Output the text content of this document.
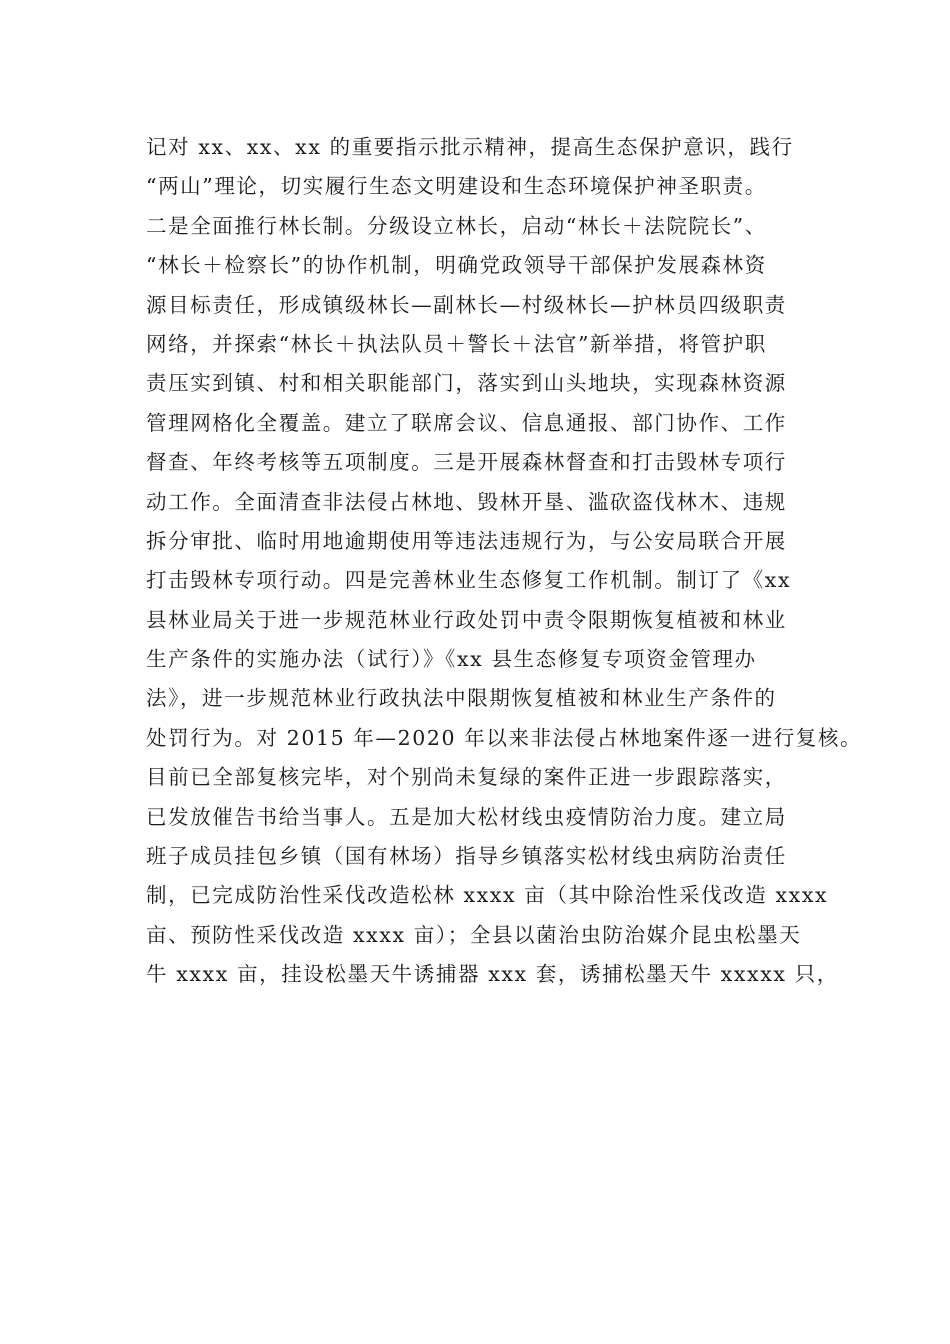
记对 xx、xx、xx 的重要指示批示精神，提高生态保护意识，践行
“两山”理论，切实履行生态文明建设和生态环境保护神圣职责。
二是全面推行林长制。分级设立林长，启动“林长＋法院院长”、
“林长＋检察长”的协作机制，明确党政领导干部保护发展森林资
源目标责任，形成镇级林长—副林长—村级林长—护林员四级职责
网络，并探索“林长＋执法队员＋警长＋法官”新举措，将管护职
责压实到镇、村和相关职能部门，落实到山头地块，实现森林资源
管理网格化全覆盖。建立了联席会议、信息通报、部门协作、工作
督查、年终考核等五项制度。三是开展森林督查和打击毁林专项行
动工作。全面清查非法侵占林地、毁林开垦、滥砍盗伐林木、违规
拆分审批、临时用地逾期使用等违法违规行为，与公安局联合开展
打击毁林专项行动。四是完善林业生态修复工作机制。制订了《xx
县林业局关于进一步规范林业行政处罚中责令限期恢复植被和林业
生产条件的实施办法（试行）》《xx 县生态修复专项资金管理办
法》，进一步规范林业行政执法中限期恢复植被和林业生产条件的
处罚行为。对 2015 年—2020 年以来非法侵占林地案件逐一进行复核。
目前已全部复核完毕，对个别尚未复绿的案件正进一步跟踪落实，
已发放催告书给当事人。五是加大松材线虫疫情防治力度。建立局
班子成员挂包乡镇（国有林场）指导乡镇落实松材线虫病防治责任
制，已完成防治性采伐改造松林 xxxx 亩（其中除治性采伐改造 xxxx
亩、预防性采伐改造 xxxx 亩）；全县以菌治虫防治媒介昆虫松墨天
牛 xxxx 亩，挂设松墨天牛诱捕器 xxx 套，诱捕松墨天牛 xxxxx 只，
